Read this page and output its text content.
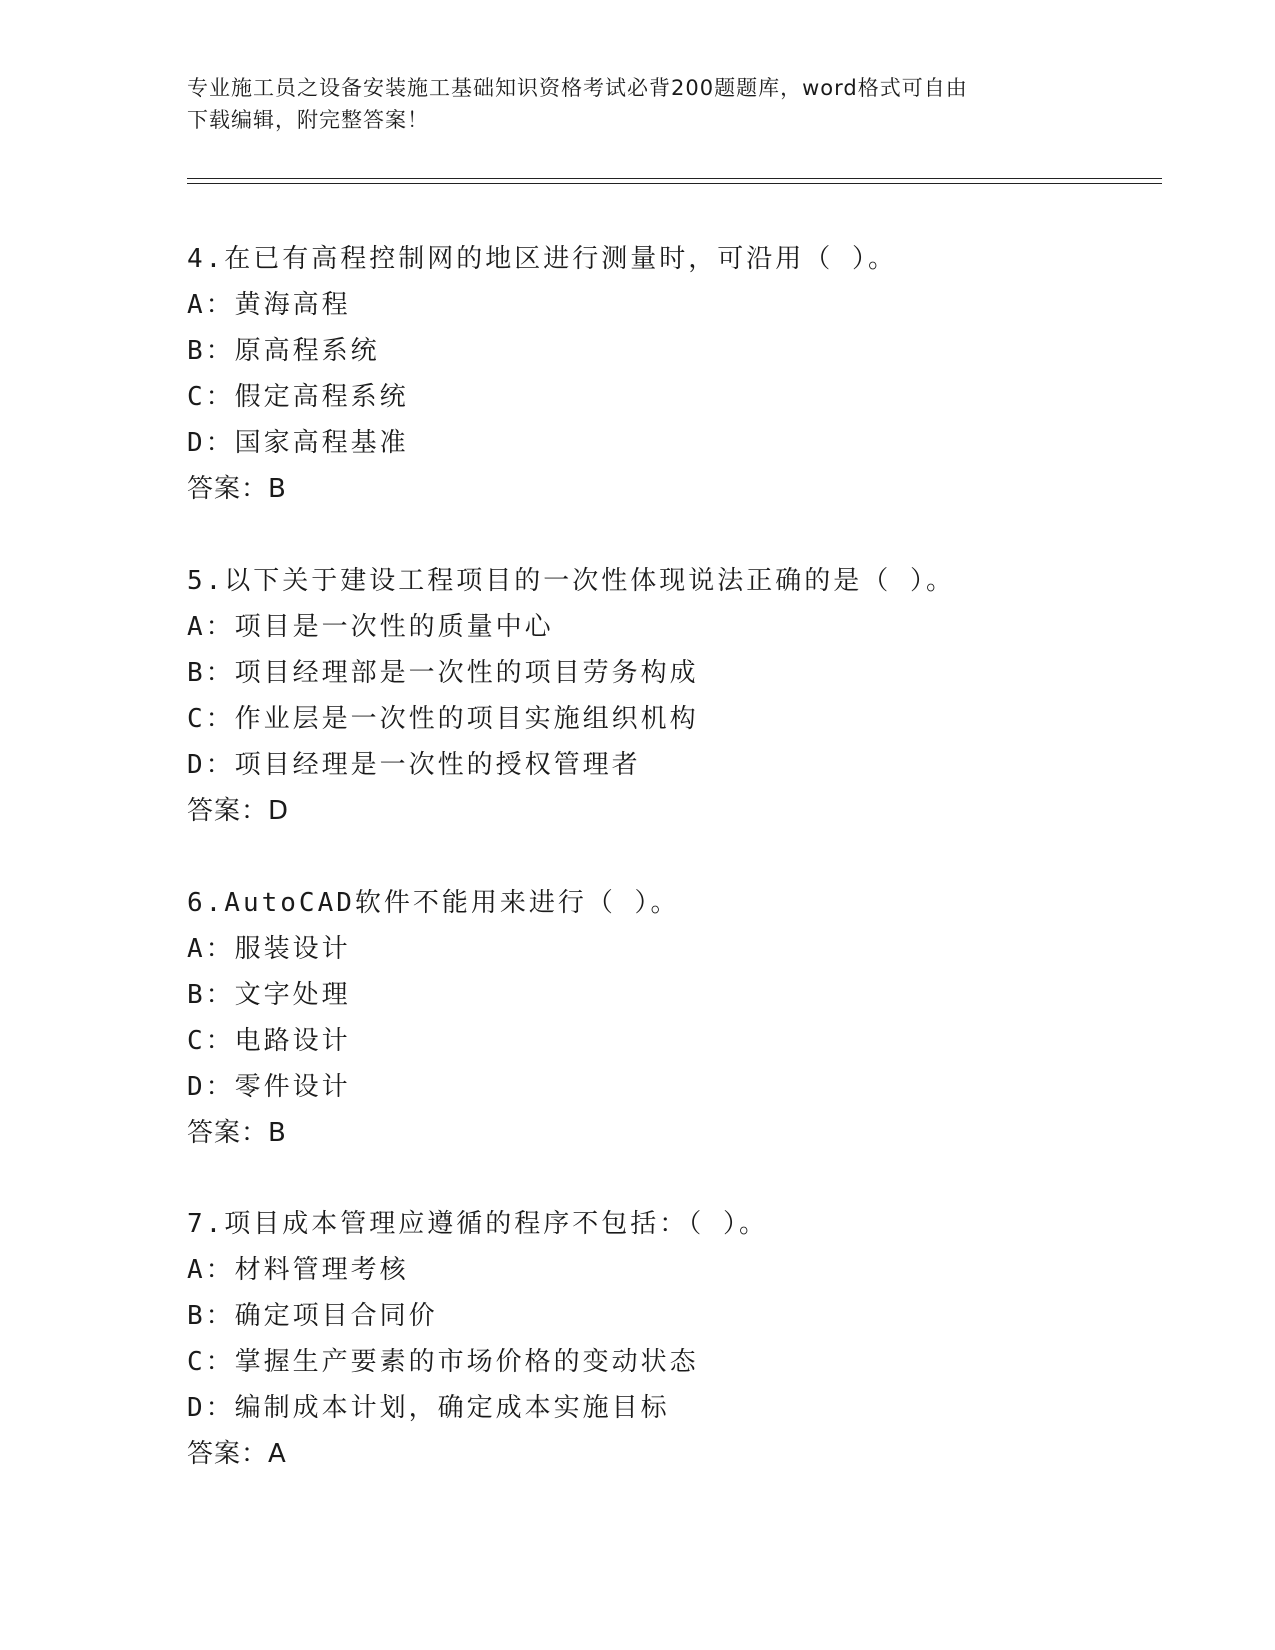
专业施工员之设备安装施工基础知识资格考试必背200题题库，word格式可自由
下载编辑，附完整答案！
4.在已有高程控制网的地区进行测量时，可沿用（ ）。
A：黄海高程
B：原高程系统
C：假定高程系统
D：国家高程基准
答案：B
5.以下关于建设工程项目的一次性体现说法正确的是（ ）。
A：项目是一次性的质量中心
B：项目经理部是一次性的项目劳务构成
C：作业层是一次性的项目实施组织机构
D：项目经理是一次性的授权管理者
答案：D
6.AutoCAD软件不能用来进行（ ）。
A：服装设计
B：文字处理
C：电路设计
D：零件设计
答案：B
7.项目成本管理应遵循的程序不包括：（ ）。
A：材料管理考核
B：确定项目合同价
C：掌握生产要素的市场价格的变动状态
D：编制成本计划，确定成本实施目标
答案：A
